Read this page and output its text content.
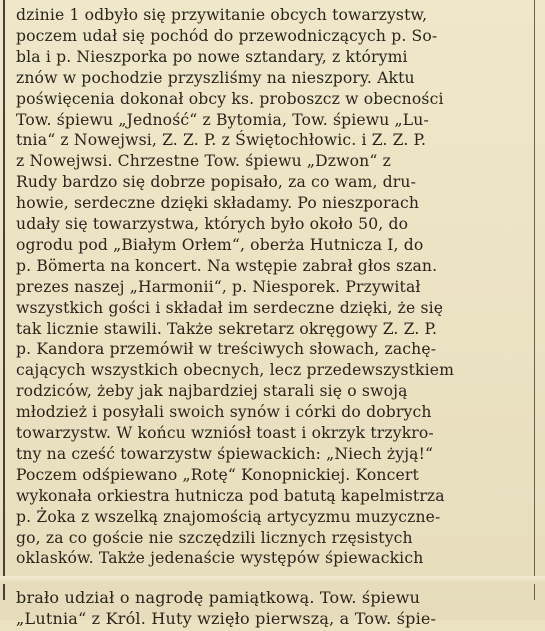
dzinie 1 odbyło się przywitanie obcych towarzystw,
poczem udał się pochód do przewodniczących p. So-
bla i p. Nieszporka po nowe sztandary, z którymi
znów w pochodzie przyszliśmy na nieszpory. Aktu
poświęcenia dokonał obcy ks. proboszcz w obecności
Tow. śpiewu „Jedność“ z Bytomia, Tow. śpiewu „Lu-
tnia“ z Nowejwsi, Z. Z. P. z Świętochłowic. i Z. Z. P.
z Nowejwsi. Chrzestne Tow. śpiewu „Dzwon“ z
Rudy bardzo się dobrze popisało, za co wam, dru-
howie, serdeczne dzięki składamy. Po nieszporach
udały się towarzystwa, których było około 50, do
ogrodu pod „Białym Orłem“, oberża Hutnicza I, do
p. Bömerta na koncert. Na wstępie zabrał głos szan.
prezes naszej „Harmonii“, p. Niesporek. Przywitał
wszystkich gości i składał im serdeczne dzięki, że się
tak licznie stawili. Także sekretarz okręgowy Z. Z. P.
p. Kandora przemówił w treściwych słowach, zachę-
cających wszystkich obecnych, lecz przedewszystkiem
rodziców, żeby jak najbardziej starali się o swoją
młodzież i posyłali swoich synów i córki do dobrych
towarzystw. W końcu wzniósł toast i okrzyk trzykro-
tny na cześć towarzystw śpiewackich: „Niech żyją!“
Poczem odśpiewano „Rotę“ Konopnickiej. Koncert
wykonała orkiestra hutnicza pod batutą kapelmistrza
p. Żoka z wszelką znajomością artycyzmu muzyczne-
go, za co goście nie szczędzili licznych rzęsistych
oklasków. Także jedenaście występów śpiewackich
brało udział o nagrodę pamiątkową. Tow. śpiewu
„Lutnia“ z Król. Huty wzięło pierwszą, a Tow. śpie-
